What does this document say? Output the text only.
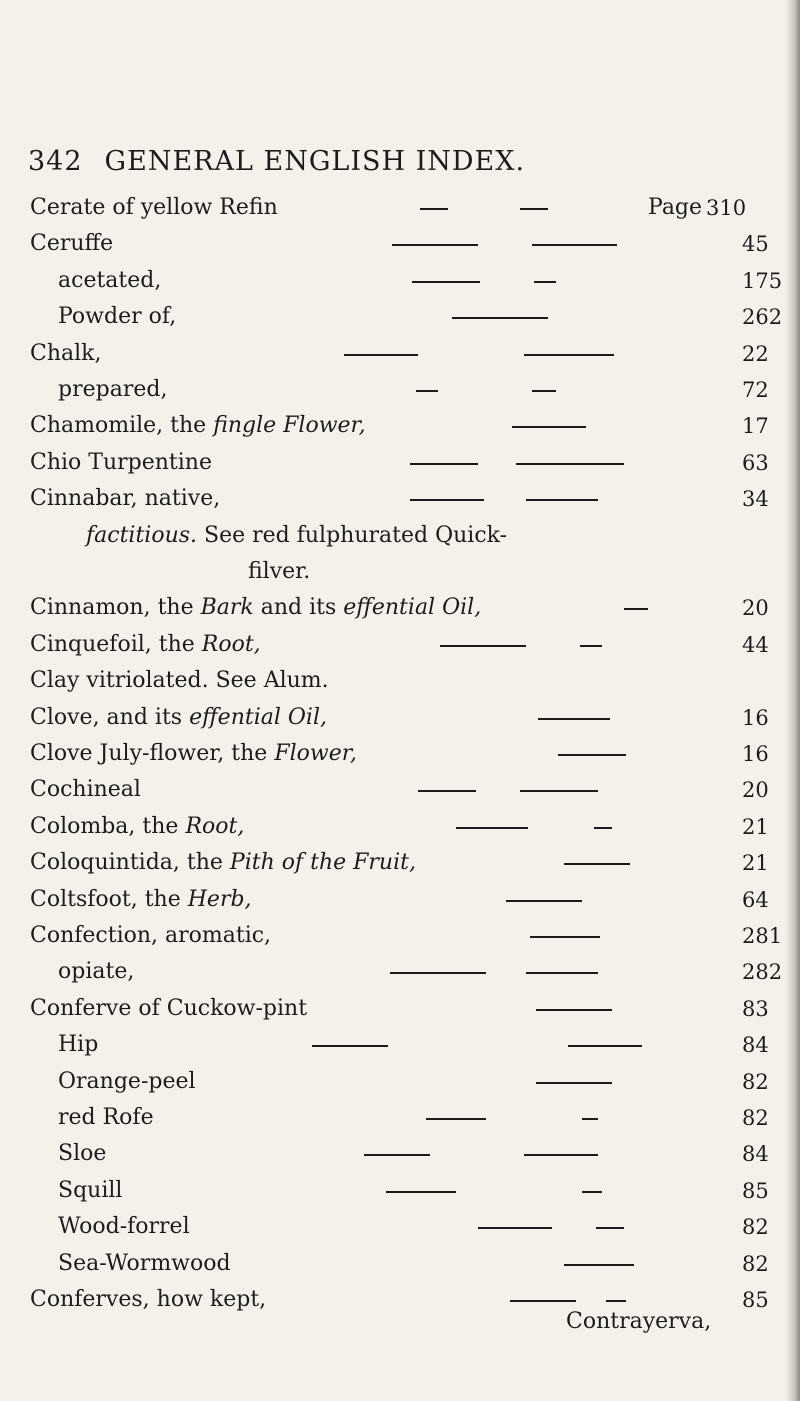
342 GENERAL ENGLISH INDEX.
Cerate of yellow Refin	Page 310
Ceruffe	45
acetated,	175
Powder of,	262
Chalk,	22
prepared,	72
Chamomile, the fingle Flower,	17
Chio Turpentine	63
Cinnabar, native,	34
factitious. See red fulphurated Quick-
filver.
Cinnamon, the Bark and its effential Oil,	20
Cinquefoil, the Root,	44
Clay vitriolated. See Alum.
Clove, and its effential Oil,	16
Clove July-flower, the Flower,	16
Cochineal	20
Colomba, the Root,	21
Coloquintida, the Pith of the Fruit,	21
Coltsfoot, the Herb,	64
Confection, aromatic,	281
opiate,	282
Conferve of Cuckow-pint	83
Hip	84
Orange-peel	82
red Rofe	82
Sloe	84
Squill	85
Wood-forrel	82
Sea-Wormwood	82
Conferves, how kept,	85
Contrayerva,
